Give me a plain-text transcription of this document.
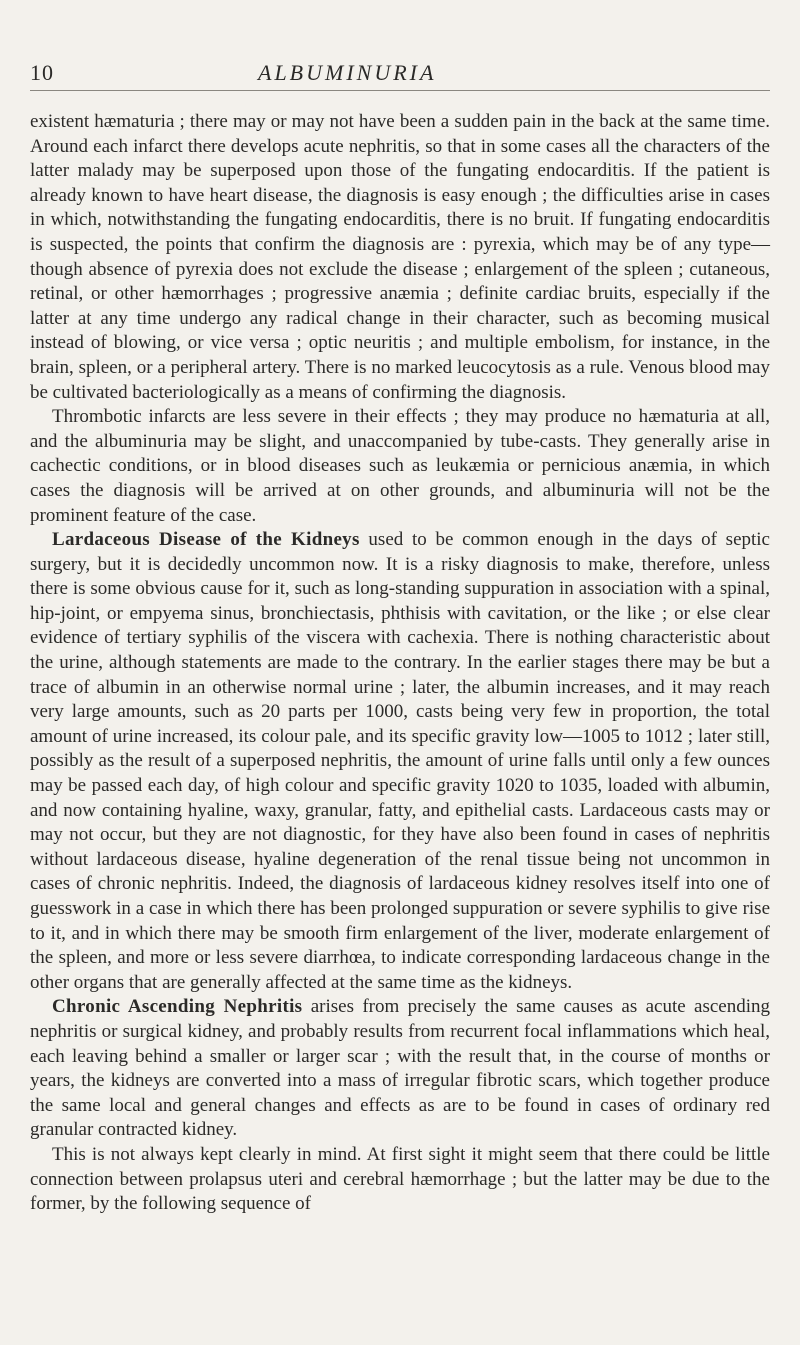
10	ALBUMINURIA

existent hæmaturia ; there may or may not have been a sudden pain in the back at the same time. Around each infarct there develops acute nephritis, so that in some cases all the characters of the latter malady may be superposed upon those of the fungating endocarditis. If the patient is already known to have heart disease, the diagnosis is easy enough ; the difficulties arise in cases in which, notwithstanding the fungating endocarditis, there is no bruit. If fungating endocarditis is suspected, the points that confirm the diagnosis are : pyrexia, which may be of any type—though absence of pyrexia does not exclude the disease ; enlargement of the spleen ; cutaneous, retinal, or other hæmorrhages ; progressive anæmia ; definite cardiac bruits, especially if the latter at any time undergo any radical change in their character, such as becoming musical instead of blowing, or vice versa ; optic neuritis ; and multiple embolism, for instance, in the brain, spleen, or a peripheral artery. There is no marked leucocytosis as a rule. Venous blood may be cultivated bacteriologically as a means of confirming the diagnosis.

Thrombotic infarcts are less severe in their effects ; they may produce no hæmaturia at all, and the albuminuria may be slight, and unaccompanied by tube-casts. They generally arise in cachectic conditions, or in blood diseases such as leukæmia or pernicious anæmia, in which cases the diagnosis will be arrived at on other grounds, and albuminuria will not be the prominent feature of the case.

Lardaceous Disease of the Kidneys used to be common enough in the days of septic surgery, but it is decidedly uncommon now. It is a risky diagnosis to make, therefore, unless there is some obvious cause for it, such as long-standing suppuration in association with a spinal, hip-joint, or empyema sinus, bronchiectasis, phthisis with cavitation, or the like ; or else clear evidence of tertiary syphilis of the viscera with cachexia. There is nothing characteristic about the urine, although statements are made to the contrary. In the earlier stages there may be but a trace of albumin in an otherwise normal urine ; later, the albumin increases, and it may reach very large amounts, such as 20 parts per 1000, casts being very few in proportion, the total amount of urine increased, its colour pale, and its specific gravity low—1005 to 1012 ; later still, possibly as the result of a superposed nephritis, the amount of urine falls until only a few ounces may be passed each day, of high colour and specific gravity 1020 to 1035, loaded with albumin, and now containing hyaline, waxy, granular, fatty, and epithelial casts. Lardaceous casts may or may not occur, but they are not diagnostic, for they have also been found in cases of nephritis without lardaceous disease, hyaline degeneration of the renal tissue being not uncommon in cases of chronic nephritis. Indeed, the diagnosis of lardaceous kidney resolves itself into one of guesswork in a case in which there has been prolonged suppuration or severe syphilis to give rise to it, and in which there may be smooth firm enlargement of the liver, moderate enlargement of the spleen, and more or less severe diarrhœa, to indicate corresponding lardaceous change in the other organs that are generally affected at the same time as the kidneys.

Chronic Ascending Nephritis arises from precisely the same causes as acute ascending nephritis or surgical kidney, and probably results from recurrent focal inflammations which heal, each leaving behind a smaller or larger scar ; with the result that, in the course of months or years, the kidneys are converted into a mass of irregular fibrotic scars, which together produce the same local and general changes and effects as are to be found in cases of ordinary red granular contracted kidney.

This is not always kept clearly in mind. At first sight it might seem that there could be little connection between prolapsus uteri and cerebral hæmorrhage ; but the latter may be due to the former, by the following sequence of
